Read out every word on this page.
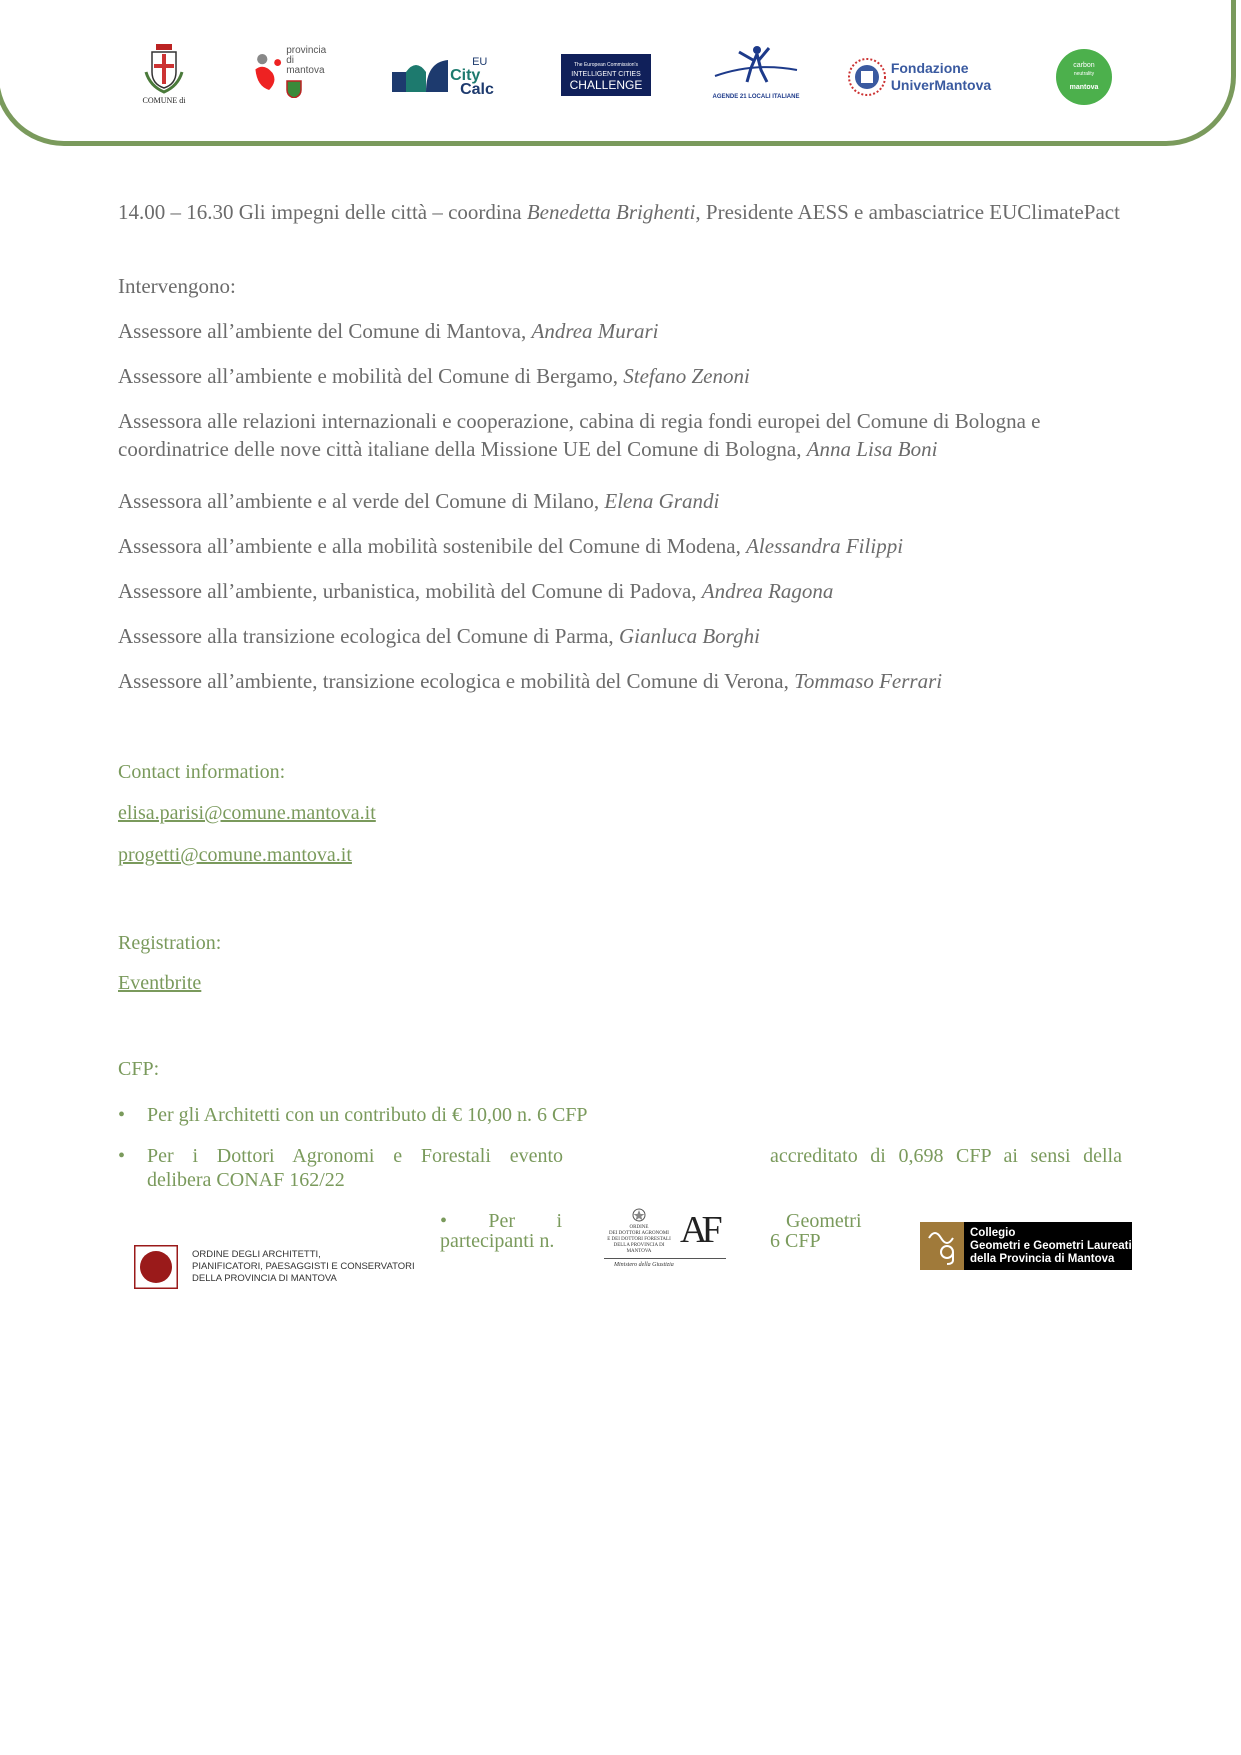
COMUNE di
provincia
di mantova
EU
City
Calc
The European Commission's
INTELLIGENT CITIES
CHALLENGE
AGENDE 21 LOCALI ITALIANE
Fondazione
UniverMantova
carbon
neutrality
mantova

14.00 – 16.30 Gli impegni delle città – coordina Benedetta Brighenti, Presidente AESS e ambasciatrice EUClimatePact

Intervengono:

Assessore all’ambiente del Comune di Mantova, Andrea Murari

Assessore all’ambiente e mobilità del Comune di Bergamo, Stefano Zenoni

Assessora alle relazioni internazionali e cooperazione, cabina di regia fondi europei del Comune di Bologna e coordinatrice delle nove città italiane della Missione UE del Comune di Bologna, Anna Lisa Boni

Assessora all’ambiente e al verde del Comune di Milano, Elena Grandi

Assessora all’ambiente e alla mobilità sostenibile del Comune di Modena, Alessandra Filippi

Assessore all’ambiente, urbanistica, mobilità del Comune di Padova, Andrea Ragona

Assessore alla transizione ecologica del Comune di Parma, Gianluca Borghi

Assessore all’ambiente, transizione ecologica e mobilità del Comune di Verona, Tommaso Ferrari

Contact information:

elisa.parisi@comune.mantova.it
progetti@comune.mantova.it

Registration:

Eventbrite

CFP:

• Per gli Architetti con un contributo di € 10,00 n. 6 CFP
• Per i Dottori Agronomi e Forestali evento	accreditato di 0,698 CFP ai sensi della
delibera CONAF 162/22
• Per i
partecipanti n.
Geometri
6 CFP
ORDINE DEGLI ARCHITETTI,
PIANIFICATORI, PAESAGGISTI E CONSERVATORI
DELLA PROVINCIA DI MANTOVA

ORDINE
DEI DOTTORI AGRONOMI
E DEI DOTTORI FORESTALI
DELLA PROVINCIA DI MANTOVA
AF
Ministero della Giustizia
Collegio
Geometri e Geometri Laureati
della Provincia di Mantova
